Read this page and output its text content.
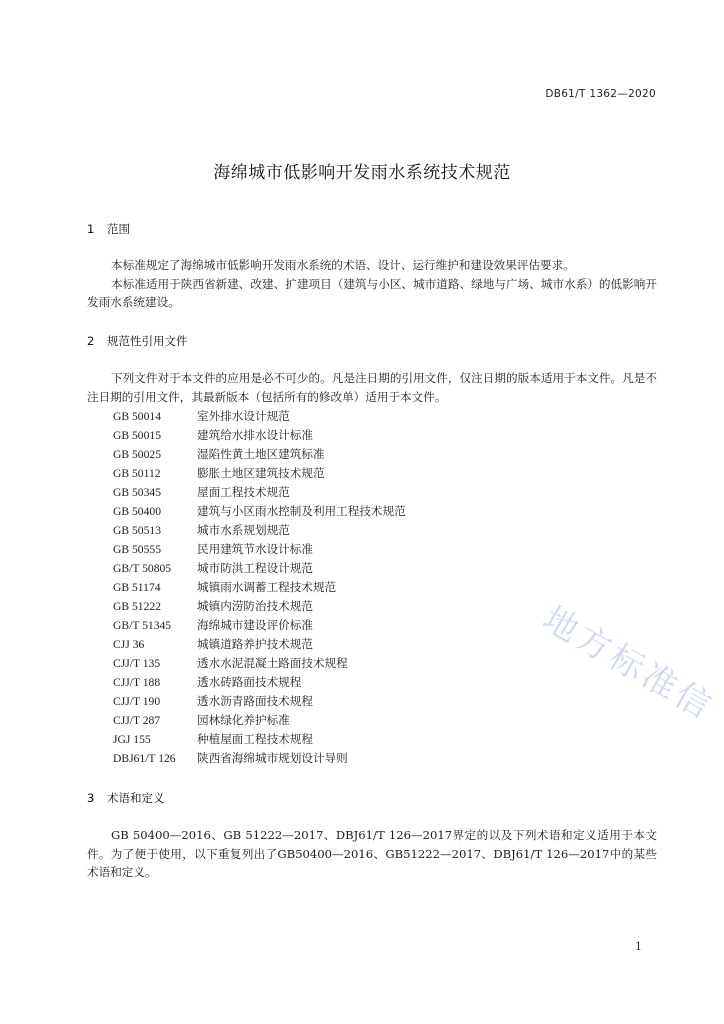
DB61/T 1362—2020
海绵城市低影响开发雨水系统技术规范
1 范围

本标准规定了海绵城市低影响开发雨水系统的术语、设计、运行维护和建设效果评估要求。

本标准适用于陕西省新建、改建、扩建项目（建筑与小区、城市道路、绿地与广场、城市水系）的低影响开发雨水系统建设。

2 规范性引用文件

下列文件对于本文件的应用是必不可少的。凡是注日期的引用文件，仅注日期的版本适用于本文件。凡是不注日期的引用文件，其最新版本（包括所有的修改单）适用于本文件。

GB 50014	室外排水设计规范
GB 50015	建筑给水排水设计标准
GB 50025	湿陷性黄土地区建筑标准
GB 50112	膨胀土地区建筑技术规范
GB 50345	屋面工程技术规范
GB 50400	建筑与小区雨水控制及利用工程技术规范
GB 50513	城市水系规划规范
GB 50555	民用建筑节水设计标准
GB/T 50805 城市防洪工程设计规范
GB 51174	城镇雨水调蓄工程技术规范
GB 51222	城镇内涝防治技术规范
GB/T 51345 海绵城市建设评价标准
CJJ 36	城镇道路养护技术规范
CJJ/T 135	透水水泥混凝土路面技术规程
CJJ/T 188	透水砖路面技术规程
CJJ/T 190	透水沥青路面技术规程
CJJ/T 287	园林绿化养护标准
JGJ 155	种植屋面工程技术规程
DBJ61/T 126 陕西省海绵城市规划设计导则
3 术语和定义

GB 50400—2016、GB 51222—2017、DBJ61/T 126—2017界定的以及下列术语和定义适用于本文件。为了便于使用，以下重复列出了GB50400—2016、GB51222—2017、DBJ61/T 126—2017中的某些术语和定义。

1
地方标准信
